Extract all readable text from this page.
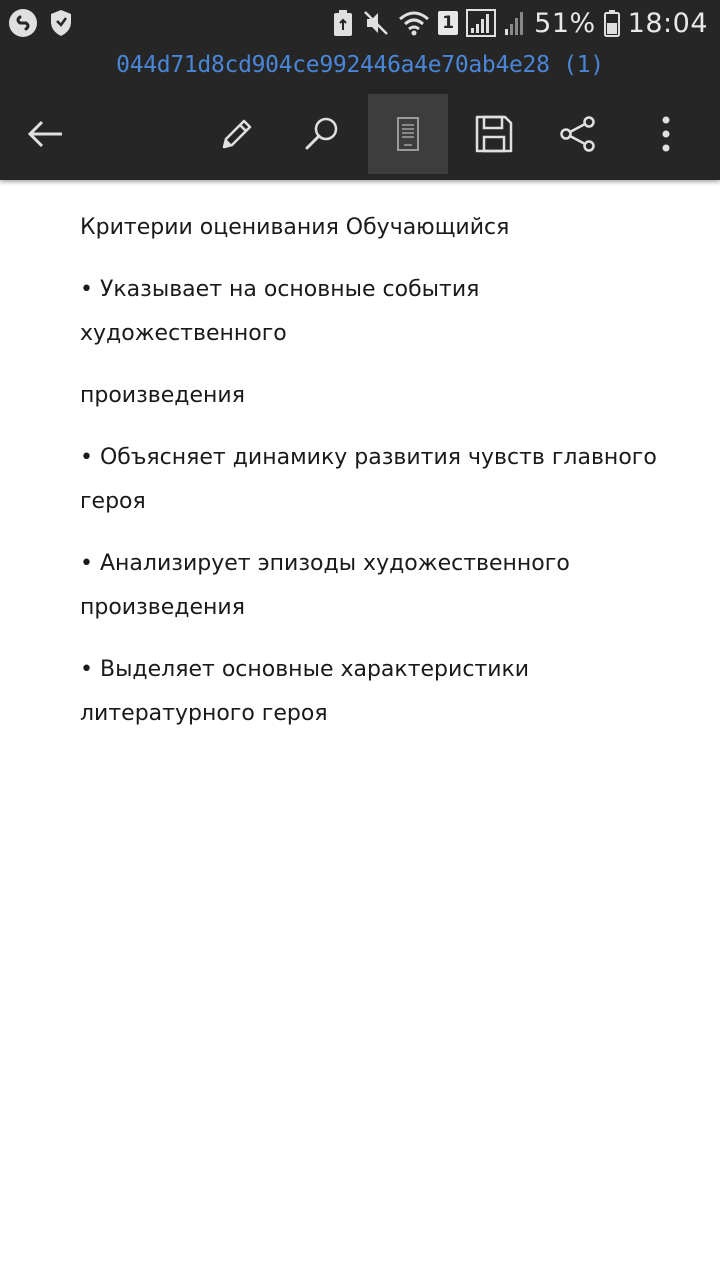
1	51% 18:04
044d71d8cd904ce992446a4e70ab4e28 (1)

Критерии оценивания Обучающийся

• Указывает на основные события художественного

произведения

• Объясняет динамику развития чувств главного героя

• Анализирует эпизоды художественного произведения

• Выделяет основные характеристики литературного героя
